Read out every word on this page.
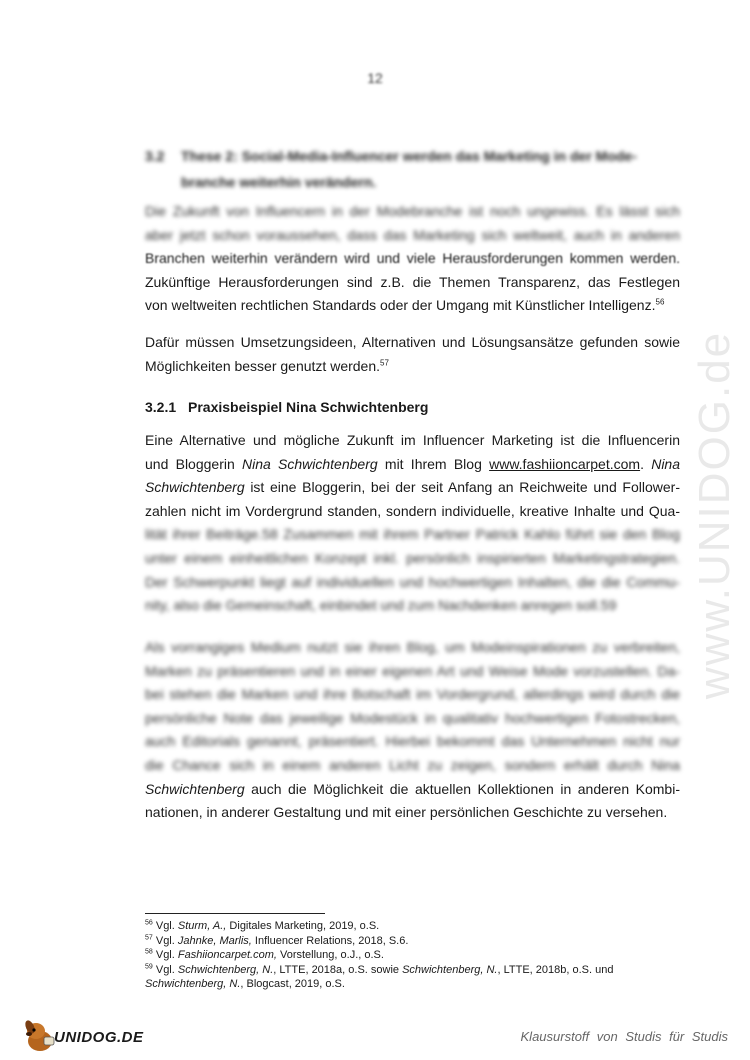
12
3.2 These 2: Social-Media-Influencer werden das Marketing in der Mode-
branche weiterhin verändern.
Die Zukunft von Influencern in der Modebranche ist noch ungewiss. Es lässt sich
aber jetzt schon voraussehen, dass das Marketing sich weltweit, auch in anderen
Branchen weiterhin verändern wird und viele Herausforderungen kommen werden.
Zukünftige Herausforderungen sind z.B. die Themen Transparenz, das Festlegen
von weltweiten rechtlichen Standards oder der Umgang mit Künstlicher Intelligenz.$^{56}$
Dafür müssen Umsetzungsideen, Alternativen und Lösungsansätze gefunden sowie
Möglichkeiten besser genutzt werden.$^{57}$
3.2.1 Praxisbeispiel Nina Schwichtenberg
Eine Alternative und mögliche Zukunft im Influencer Marketing ist die Influencerin
und Bloggerin Nina Schwichtenberg mit Ihrem Blog www.fashiioncarpet.com. Nina
Schwichtenberg ist eine Bloggerin, bei der seit Anfang an Reichweite und Follower-
zahlen nicht im Vordergrund standen, sondern individuelle, kreative Inhalte und Qua-
lität ihrer Beiträge.58 Zusammen mit ihrem Partner Patrick Kahlo führt sie den Blog
unter einem einheitlichen Konzept inkl. persönlich inspirierten Marketingstrategien.
Der Schwerpunkt liegt auf individuellen und hochwertigen Inhalten, die die Commu-
nity, also die Gemeinschaft, einbindet und zum Nachdenken anregen soll.59
Als vorrangiges Medium nutzt sie ihren Blog, um Modeinspirationen zu verbreiten,
Marken zu präsentieren und in einer eigenen Art und Weise Mode vorzustellen. Da-
bei stehen die Marken und ihre Botschaft im Vordergrund, allerdings wird durch die
persönliche Note das jeweilige Modestück in qualitativ hochwertigen Fotostrecken,
auch Editorials genannt, präsentiert. Hierbei bekommt das Unternehmen nicht nur
die Chance sich in einem anderen Licht zu zeigen, sondern erhält durch Nina
Schwichtenberg auch die Möglichkeit die aktuellen Kollektionen in anderen Kombi-
nationen, in anderer Gestaltung und mit einer persönlichen Geschichte zu versehen.
$^{56}$ Vgl. Sturm, A., Digitales Marketing, 2019, o.S.
$^{57}$ Vgl. Jahnke, Marlis, Influencer Relations, 2018, S.6.
$^{58}$ Vgl. Fashiioncarpet.com, Vorstellung, o.J., o.S.
$^{59}$ Vgl. Schwichtenberg, N., LTTE, 2018a, o.S. sowie Schwichtenberg, N., LTTE, 2018b, o.S. und
Schwichtenberg, N., Blogcast, 2019, o.S.
www.UNIDOG.de
UNIDOG.DE	Klausurstoff von Studis für Studis
